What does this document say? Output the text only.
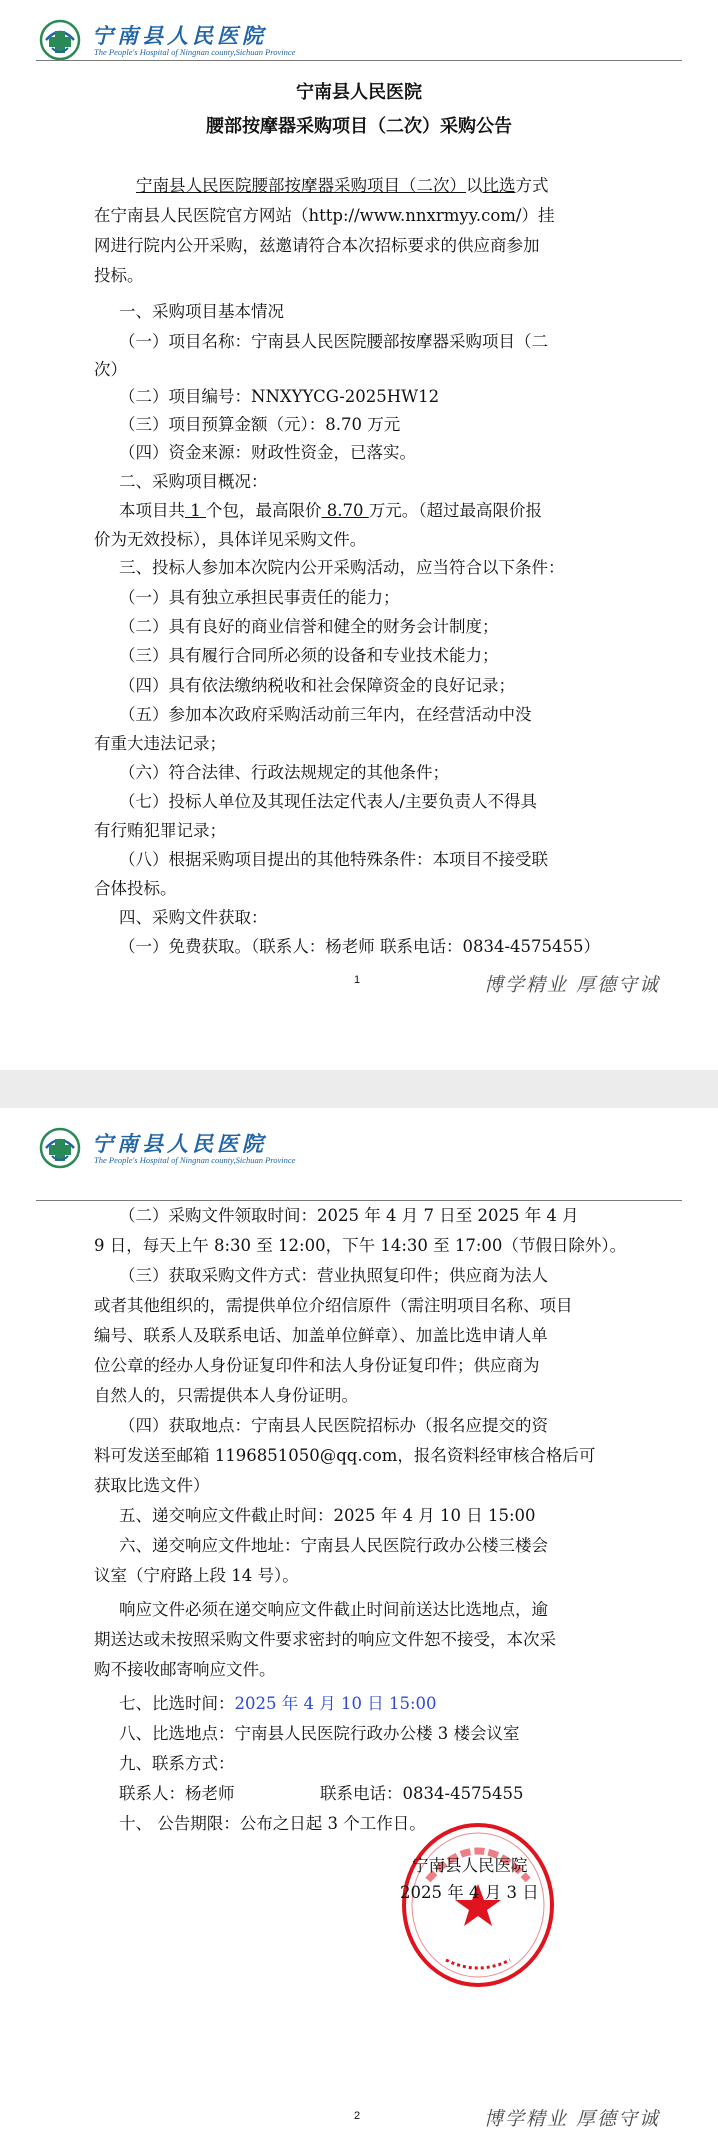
宁南县人民医院
The People's Hospital of Ningnan county,Sichuan Province
宁南县人民医院
腰部按摩器采购项目（二次）采购公告
宁南县人民医院腰部按摩器采购项目（二次）以比选方式
在宁南县人民医院官方网站（http://www.nnxrmyy.com/）挂
网进行院内公开采购，兹邀请符合本次招标要求的供应商参加
投标。
一、采购项目基本情况
（一）项目名称：宁南县人民医院腰部按摩器采购项目（二
次）
（二）项目编号：NNXYYCG-2025HW12
（三）项目预算金额（元）：8.70 万元
（四）资金来源：财政性资金，已落实。
二、采购项目概况：
本项目共 1 个包，最高限价 8.70 万元。（超过最高限价报
价为无效投标），具体详见采购文件。
三、投标人参加本次院内公开采购活动，应当符合以下条件：
（一）具有独立承担民事责任的能力；
（二）具有良好的商业信誉和健全的财务会计制度；
（三）具有履行合同所必须的设备和专业技术能力；
（四）具有依法缴纳税收和社会保障资金的良好记录；
（五）参加本次政府采购活动前三年内，在经营活动中没
有重大违法记录；
（六）符合法律、行政法规规定的其他条件；
（七）投标人单位及其现任法定代表人/主要负责人不得具
有行贿犯罪记录；
（八）根据采购项目提出的其他特殊条件：本项目不接受联
合体投标。
四、采购文件获取：
（一）免费获取。（联系人：杨老师 联系电话：0834-4575455）
1	博学精业 厚德守诚
宁南县人民医院
The People's Hospital of Ningnan county,Sichuan Province
（二）采购文件领取时间：2025 年 4 月 7 日至 2025 年 4 月
9 日，每天上午 8:30 至 12:00，下午 14:30 至 17:00（节假日除外）。
（三）获取采购文件方式：营业执照复印件；供应商为法人
或者其他组织的，需提供单位介绍信原件（需注明项目名称、项目
编号、联系人及联系电话、加盖单位鲜章）、加盖比选申请人单
位公章的经办人身份证复印件和法人身份证复印件；供应商为
自然人的，只需提供本人身份证明。
（四）获取地点：宁南县人民医院招标办（报名应提交的资
料可发送至邮箱 1196851050@qq.com，报名资料经审核合格后可
获取比选文件）
五、递交响应文件截止时间：2025 年 4 月 10 日 15:00
六、递交响应文件地址：宁南县人民医院行政办公楼三楼会
议室（宁府路上段 14 号）。
响应文件必须在递交响应文件截止时间前送达比选地点，逾
期送达或未按照采购文件要求密封的响应文件恕不接受，本次采
购不接收邮寄响应文件。
七、比选时间：2025 年 4 月 10 日 15:00
八、比选地点：宁南县人民医院行政办公楼 3 楼会议室
九、联系方式：
联系人：杨老师	联系电话：0834-4575455
十、 公告期限：公布之日起 3 个工作日。
宁南县人民医院
2025 年 4 月 3 日
2	博学精业 厚德守诚
